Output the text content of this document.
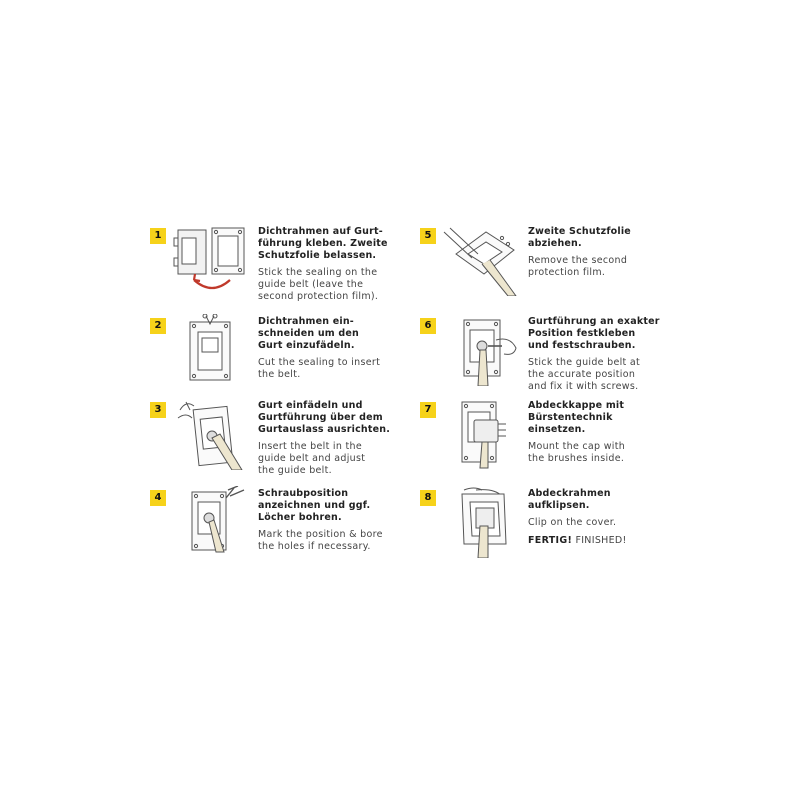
1	Dichtrahmen auf Gurt-
führung kleben. Zweite
Schutzfolie belassen.

Stick the sealing on the
guide belt (leave the
second protection film).

2	Dichtrahmen ein-
schneiden um den
Gurt einzufädeln.

Cut the sealing to insert
the belt.

3	Gurt einfädeln und
Gurtführung über dem
Gurtauslass ausrichten.

Insert the belt in the
guide belt and adjust
the guide belt.

4	Schraubposition
anzeichnen und ggf.
Löcher bohren.

Mark the position & bore
the holes if necessary.

5	Zweite Schutzfolie
abziehen.

Remove the second
protection film.

6	Gurtführung an exakter
Position festkleben
und festschrauben.

Stick the guide belt at
the accurate position
and fix it with screws.

7	Abdeckkappe mit
Bürstentechnik
einsetzen.

Mount the cap with
the brushes inside.

8	Abdeckrahmen
aufklipsen.

Clip on the cover.

FERTIG! FINISHED!
